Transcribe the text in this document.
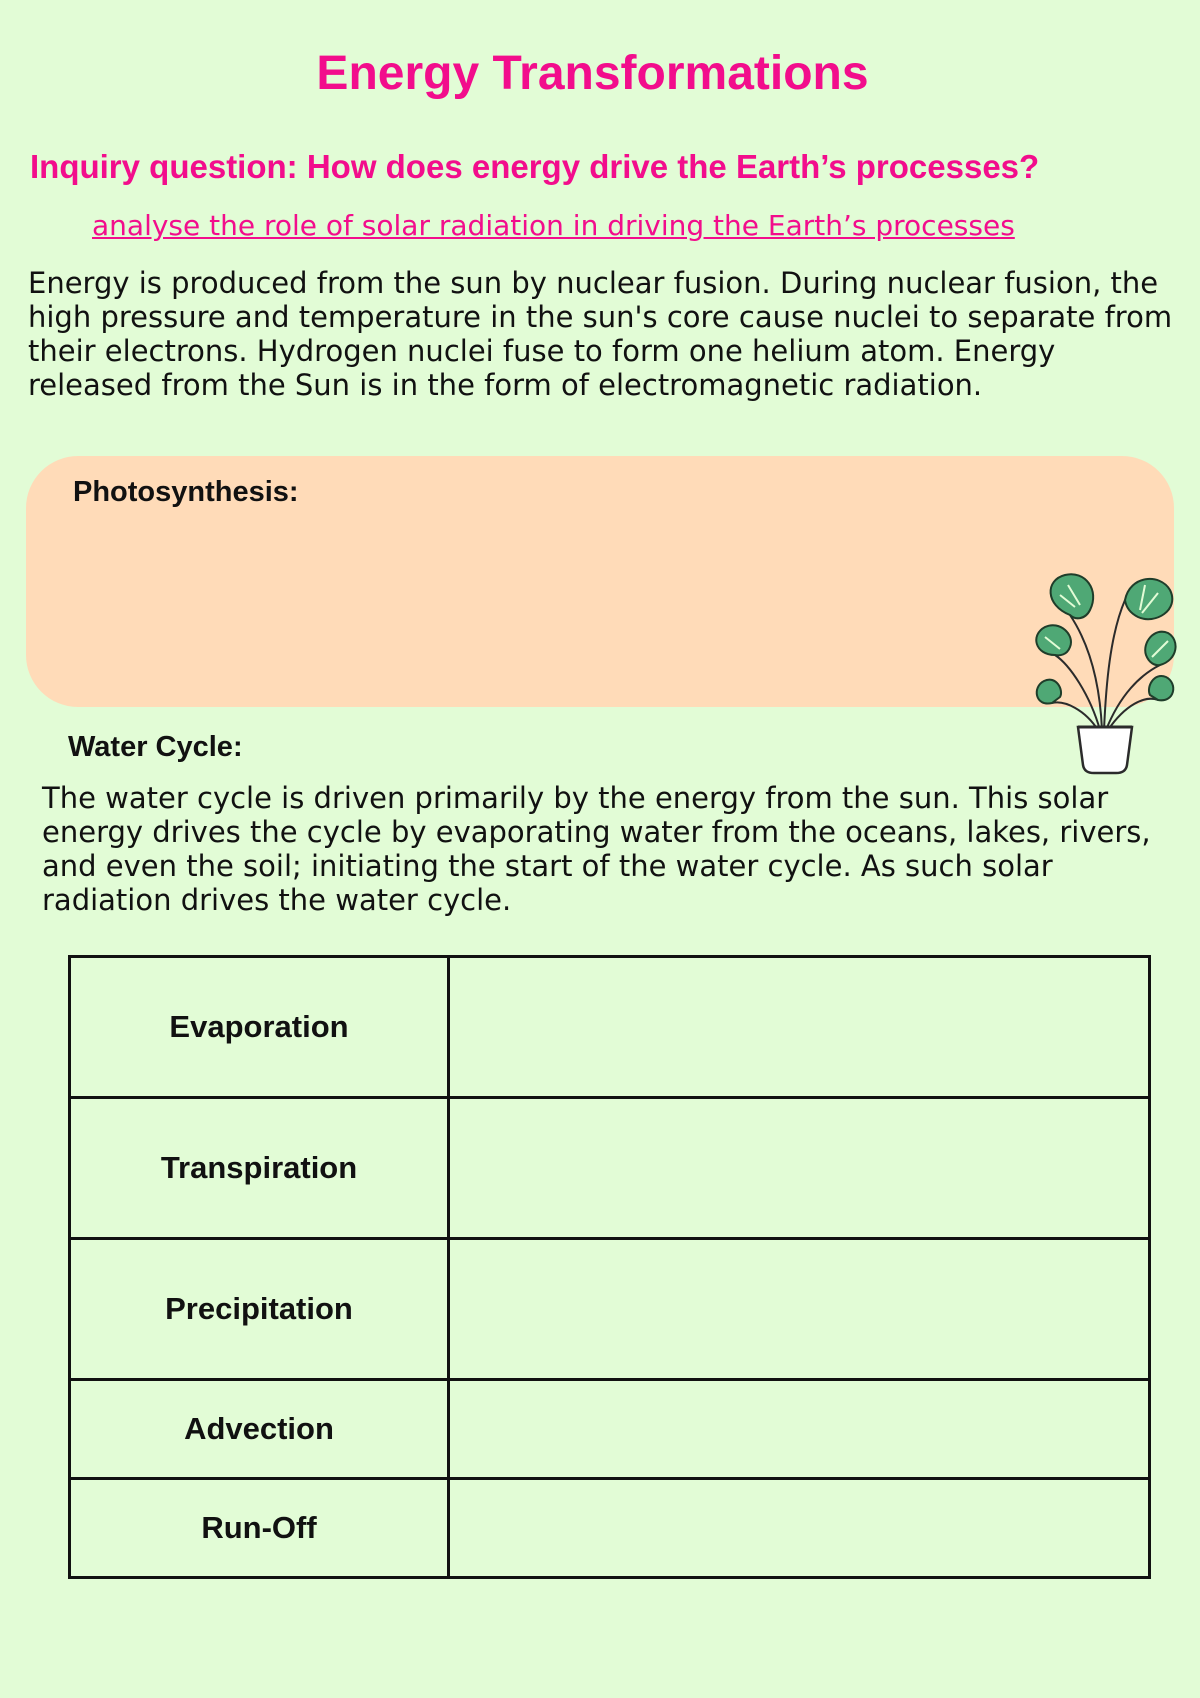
Energy Transformations
Inquiry question: How does energy drive the Earth’s processes?

analyse the role of solar radiation in driving the Earth’s processes

Energy is produced from the sun by nuclear fusion. During nuclear fusion, the high pressure and temperature in the sun's core cause nuclei to separate from their electrons. Hydrogen nuclei fuse to form one helium atom. Energy released from the Sun is in the form of electromagnetic radiation.

Photosynthesis:

Water Cycle:

The water cycle is driven primarily by the energy from the sun. This solar energy drives the cycle by evaporating water from the oceans, lakes, rivers, and even the soil; initiating the start of the water cycle. As such solar radiation drives the water cycle.

Evaporation	
Transpiration	
Precipitation	
Advection	
Run-Off	
